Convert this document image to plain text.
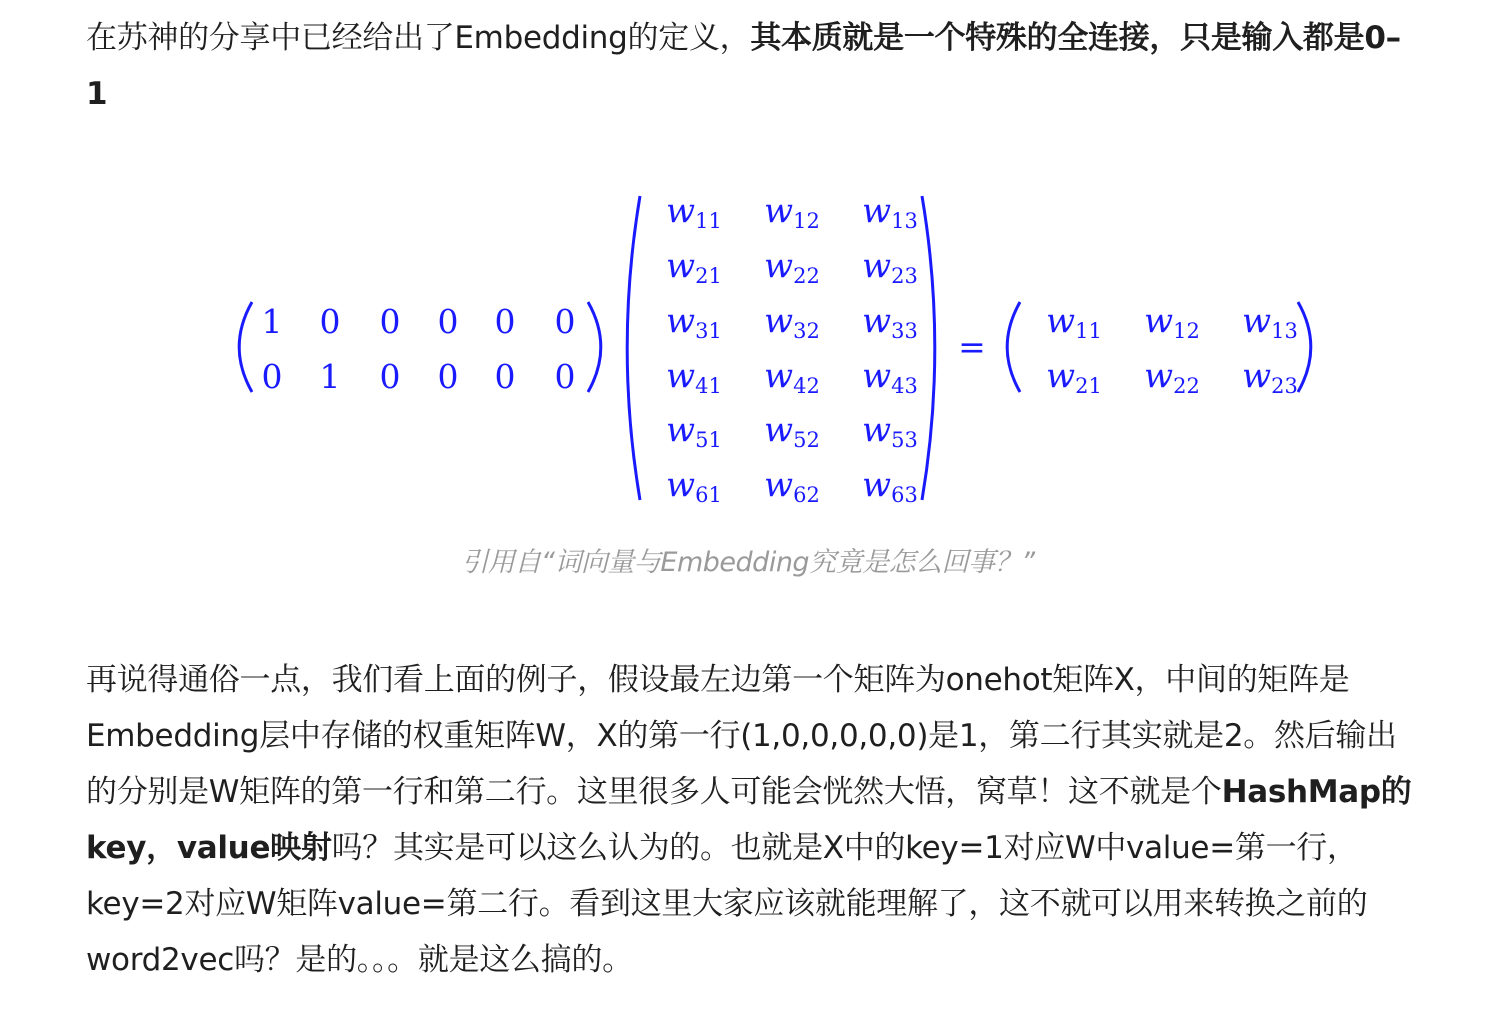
在苏神的分享中已经给出了Embedding的定义，其本质就是一个特殊的全连接，只是输入都是0–1

1 0 0 0 0 0
0 1 0 0 0 0
w11 w12 w13
w21 w22 w23
w31 w32 w33
w41 w42 w43
w51 w52 w53
w61 w62 w63
=
w11 w12 w13
w21 w22 w23
引用自“词向量与Embedding究竟是怎么回事？”

再说得通俗一点，我们看上面的例子，假设最左边第一个矩阵为onehot矩阵X，中间的矩阵是Embedding层中存储的权重矩阵W，X的第一行(1,0,0,0,0,0)是1，第二行其实就是2。然后输出的分别是W矩阵的第一行和第二行。这里很多人可能会恍然大悟，窝草！这不就是个HashMap的key，value映射吗？其实是可以这么认为的。也就是X中的key=1对应W中value=第一行，key=2对应W矩阵value=第二行。看到这里大家应该就能理解了，这不就可以用来转换之前的word2vec吗？是的。。。就是这么搞的。
